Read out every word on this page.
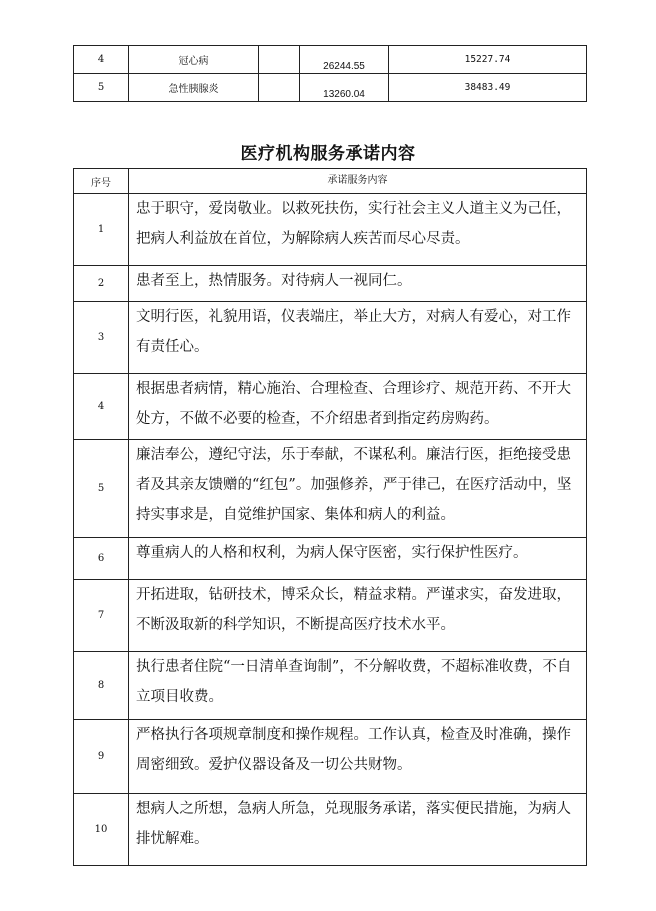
4	冠心病		26244.55	15227.74
5	急性胰腺炎		13260.04	38483.49
医疗机构服务承诺内容
序号	承诺服务内容
1	忠于职守，爱岗敬业。以救死扶伤，实行社会主义人道主义为己任，把病人利益放在首位，为解除病人疾苦而尽心尽责。
2	患者至上，热情服务。对待病人一视同仁。
3	文明行医，礼貌用语，仪表端庄，举止大方，对病人有爱心，对工作有责任心。
4	根据患者病情，精心施治、合理检查、合理诊疗、规范开药、不开大处方，不做不必要的检查，不介绍患者到指定药房购药。
5	廉洁奉公，遵纪守法，乐于奉献，不谋私利。廉洁行医，拒绝接受患者及其亲友馈赠的“红包”。加强修养，严于律己，在医疗活动中，坚持实事求是，自觉维护国家、集体和病人的利益。
6	尊重病人的人格和权利，为病人保守医密，实行保护性医疗。
7	开拓进取，钻研技术，博采众长，精益求精。严谨求实，奋发进取，不断汲取新的科学知识，不断提高医疗技术水平。
8	执行患者住院“一日清单查询制”，不分解收费，不超标准收费，不自立项目收费。
9	严格执行各项规章制度和操作规程。工作认真，检查及时准确，操作周密细致。爱护仪器设备及一切公共财物。
10	想病人之所想，急病人所急，兑现服务承诺，落实便民措施，为病人排忧解难。
